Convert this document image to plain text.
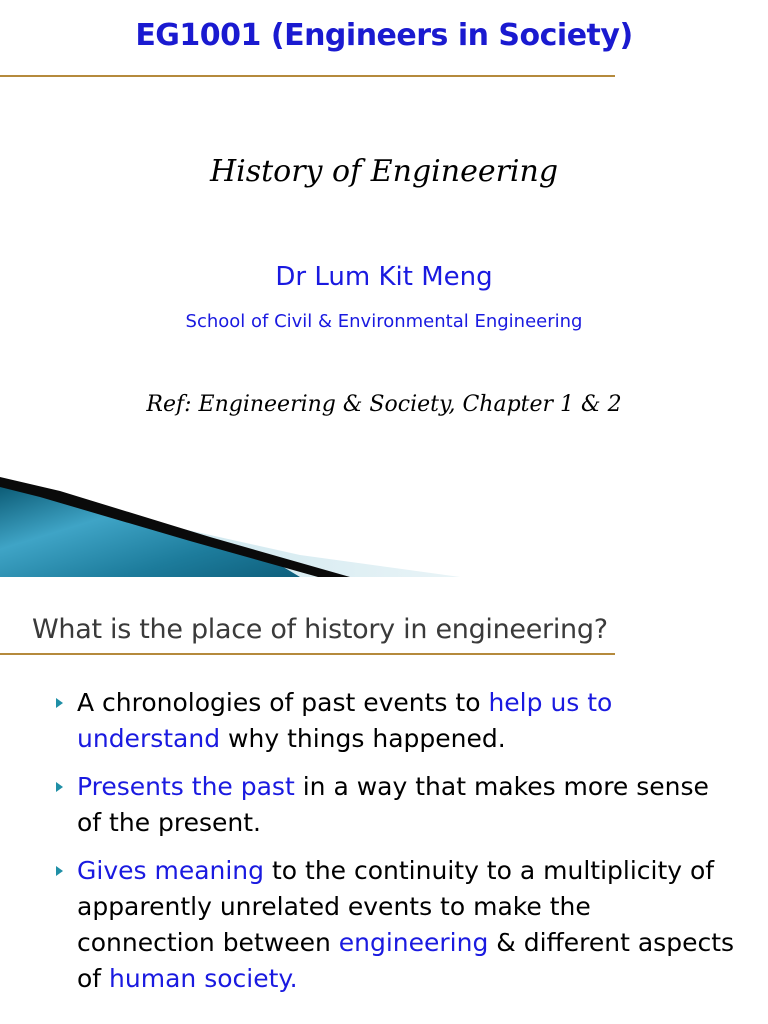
EG1001 (Engineers in Society)
History of Engineering
Dr Lum Kit Meng
School of Civil & Environmental Engineering
Ref: Engineering & Society, Chapter 1 & 2
What is the place of history in engineering?
A chronologies of past events to help us to understand why things happened.
Presents the past in a way that makes more sense of the present.
Gives meaning to the continuity to a multiplicity of apparently unrelated events to make the connection between engineering & different aspects of human society.
